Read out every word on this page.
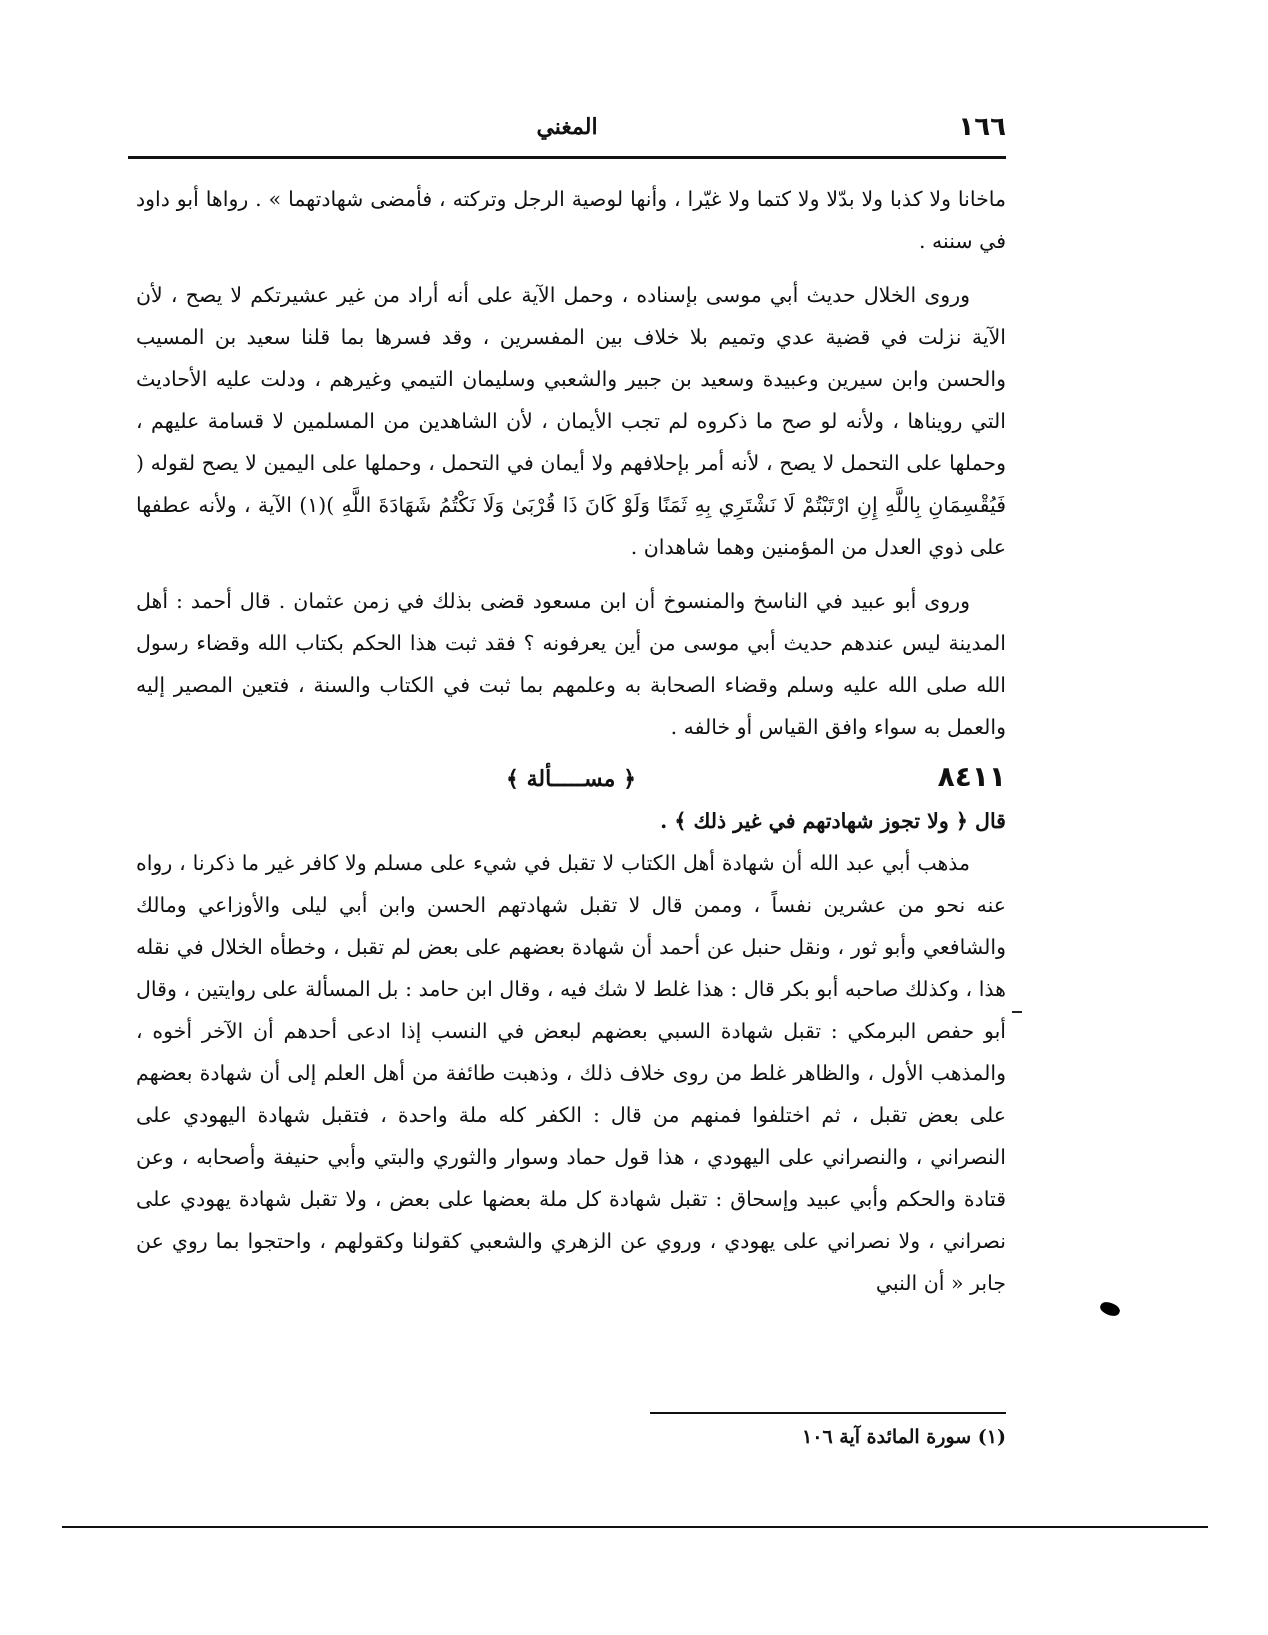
١٦٦
المغني

ماخانا ولا كذبا ولا بدّلا ولا كتما ولا غيّرا ، وأنها لوصية الرجل وتركته ، فأمضى شهادتهما » . رواها أبو داود في سننه .

وروى الخلال حديث أبي موسى بإسناده ، وحمل الآية على أنه أراد من غير عشيرتكم لا يصح ، لأن الآية نزلت في قضية عدي وتميم بلا خلاف بين المفسرين ، وقد فسرها بما قلنا سعيد بن المسيب والحسن وابن سيرين وعبيدة وسعيد بن جبير والشعبي وسليمان التيمي وغيرهم ، ودلت عليه الأحاديث التي رويناها ، ولأنه لو صح ما ذكروه لم تجب الأيمان ، لأن الشاهدين من المسلمين لا قسامة عليهم ، وحملها على التحمل لا يصح ، لأنه أمر بإحلافهم ولا أيمان في التحمل ، وحملها على اليمين لا يصح لقوله ( فَيُقْسِمَانِ بِاللَّهِ إِنِ ارْتَبْتُمْ لَا نَشْتَرِي بِهِ ثَمَنًا وَلَوْ كَانَ ذَا قُرْبَىٰ وَلَا نَكْتُمُ شَهَادَةَ اللَّهِ )(١) الآية ، ولأنه عطفها على ذوي العدل من المؤمنين وهما شاهدان .

وروى أبو عبيد في الناسخ والمنسوخ أن ابن مسعود قضى بذلك في زمن عثمان . قال أحمد : أهل المدينة ليس عندهم حديث أبي موسى من أين يعرفونه ؟ فقد ثبت هذا الحكم بكتاب الله وقضاء رسول الله صلى الله عليه وسلم وقضاء الصحابة به وعلمهم بما ثبت في الكتاب والسنة ، فتعين المصير إليه والعمل به سواء وافق القياس أو خالفه .

٨٤١١
﴿ مســـــألة ﴾

قال ﴿ ولا تجوز شهادتهم في غير ذلك ﴾ .

مذهب أبي عبد الله أن شهادة أهل الكتاب لا تقبل في شيء على مسلم ولا كافر غير ما ذكرنا ، رواه عنه نحو من عشرين نفساً ، وممن قال لا تقبل شهادتهم الحسن وابن أبي ليلى والأوزاعي ومالك والشافعي وأبو ثور ، ونقل حنبل عن أحمد أن شهادة بعضهم على بعض لم تقبل ، وخطأه الخلال في نقله هذا ، وكذلك صاحبه أبو بكر قال : هذا غلط لا شك فيه ، وقال ابن حامد : بل المسألة على روايتين ، وقال أبو حفص البرمكي : تقبل شهادة السبي بعضهم لبعض في النسب إذا ادعى أحدهم أن الآخر أخوه ، والمذهب الأول ، والظاهر غلط من روى خلاف ذلك ، وذهبت طائفة من أهل العلم إلى أن شهادة بعضهم على بعض تقبل ، ثم اختلفوا فمنهم من قال : الكفر كله ملة واحدة ، فتقبل شهادة اليهودي على النصراني ، والنصراني على اليهودي ، هذا قول حماد وسوار والثوري والبتي وأبي حنيفة وأصحابه ، وعن قتادة والحكم وأبي عبيد وإسحاق : تقبل شهادة كل ملة بعضها على بعض ، ولا تقبل شهادة يهودي على نصراني ، ولا نصراني على يهودي ، وروي عن الزهري والشعبي كقولنا وكقولهم ، واحتجوا بما روي عن جابر « أن النبي

(١) سورة المائدة آية ١٠٦
